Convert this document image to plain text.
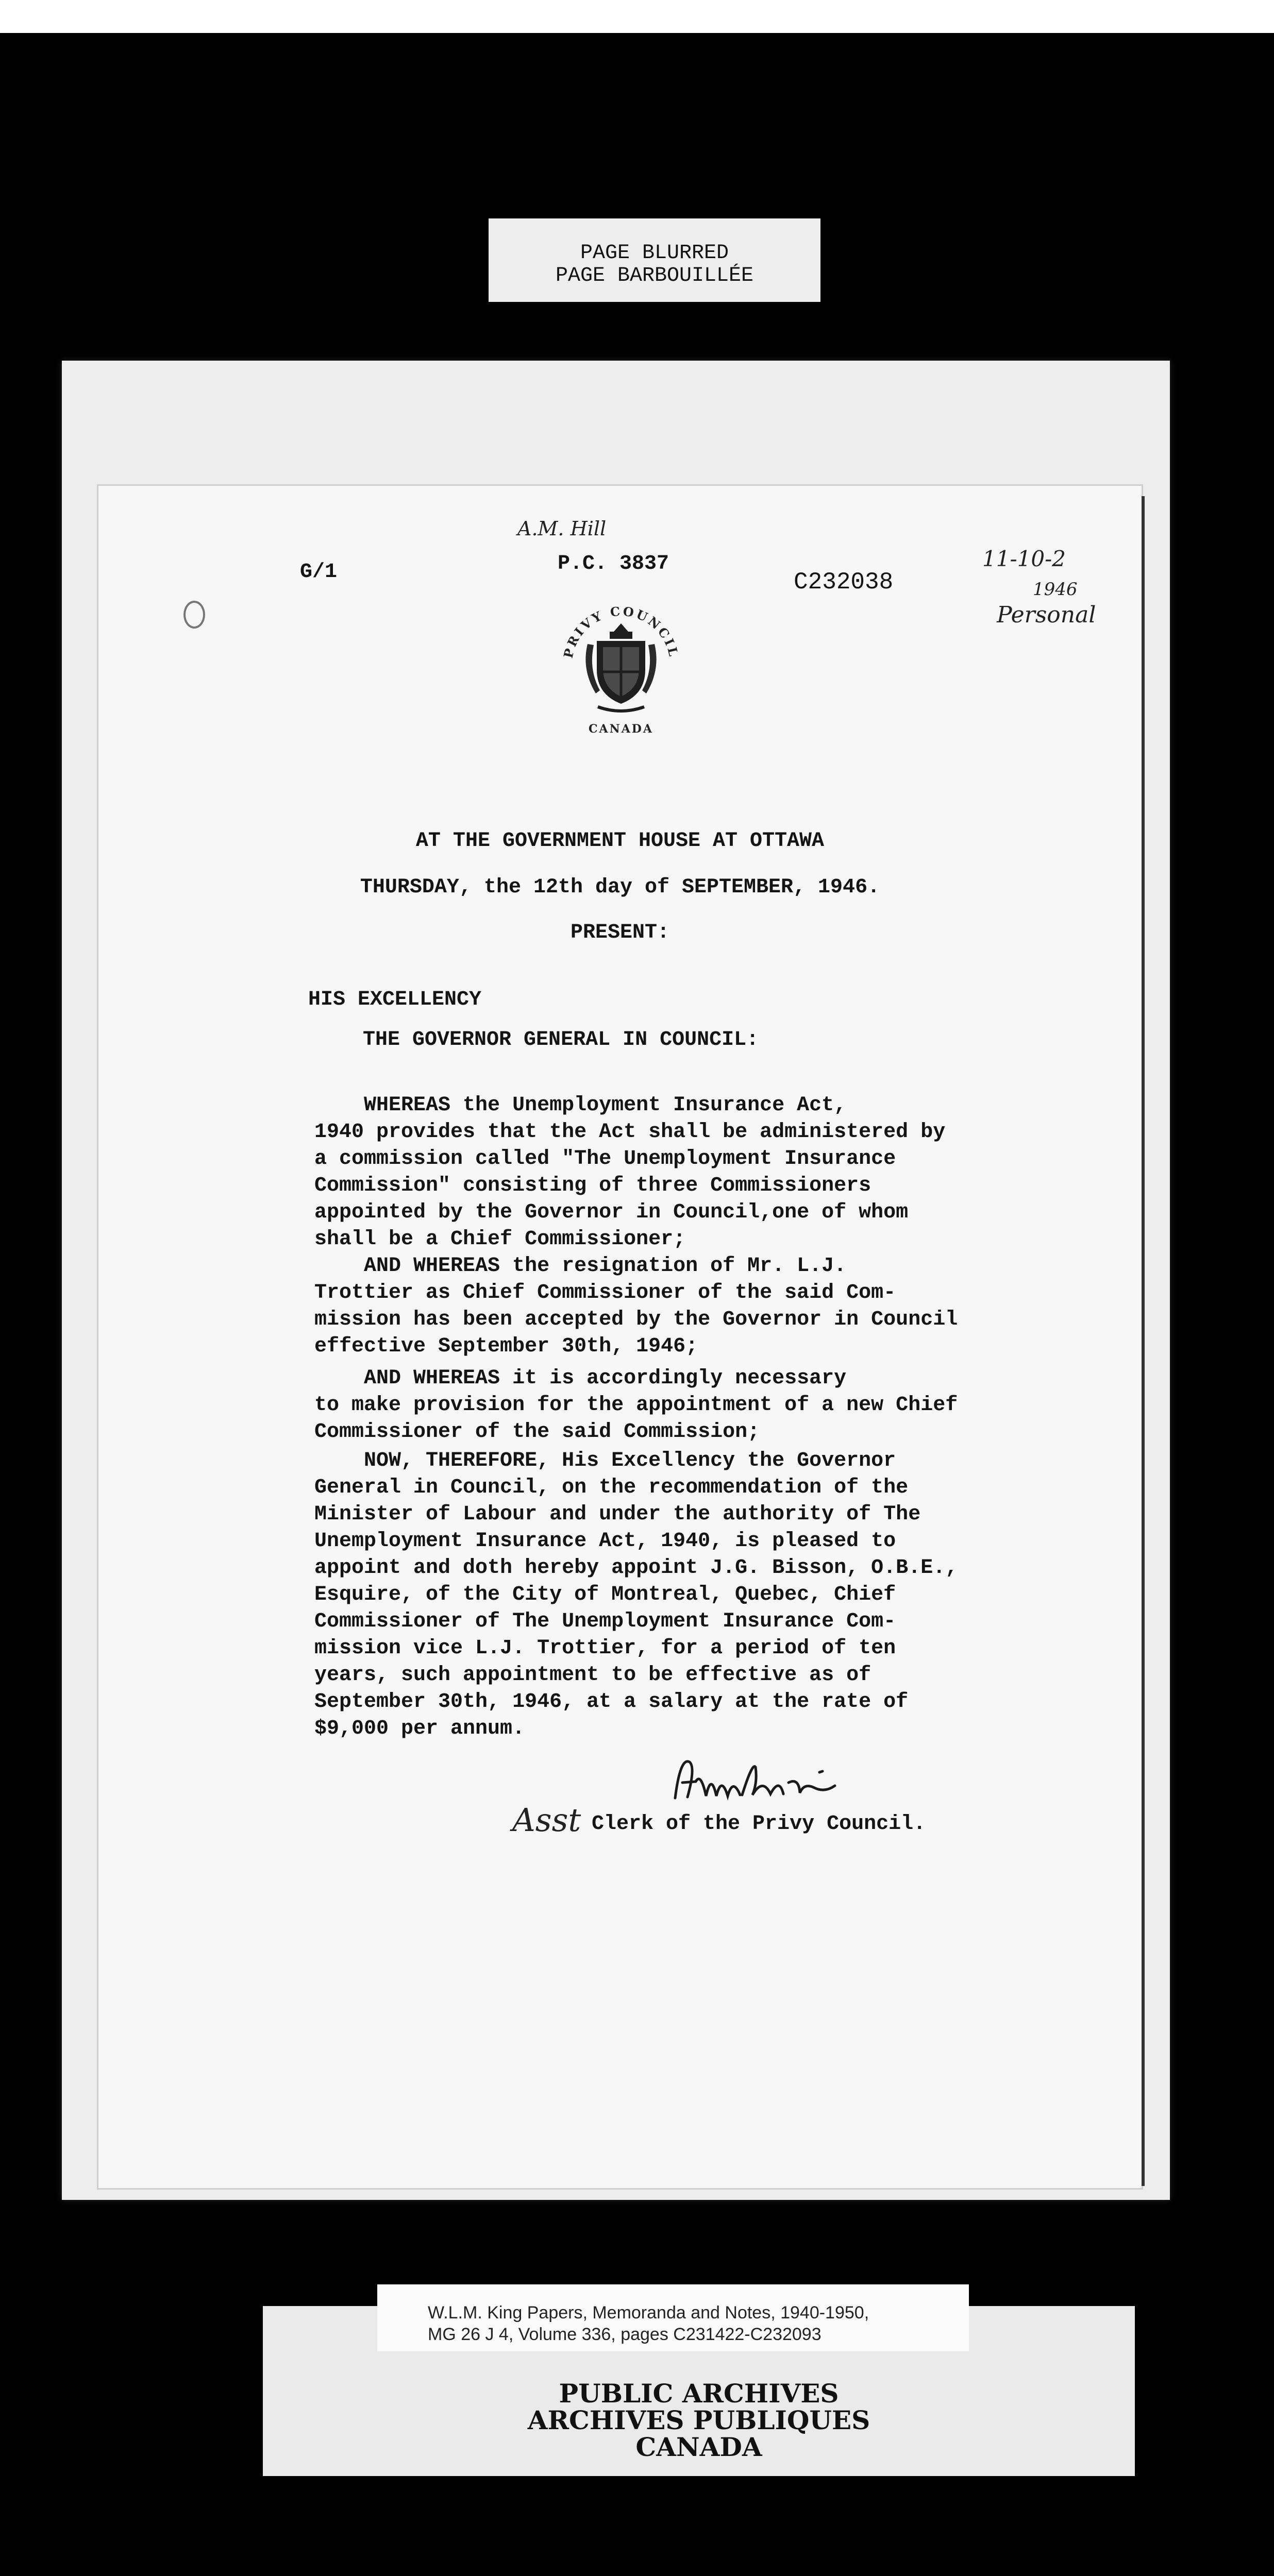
PAGE BLURRED
PAGE BARBOUILLÉE
G/1
A.M. Hill
P.C. 3837
C232038
11-10-2
1946
Personal
PRIVY COUNCIL
CANADA
AT THE GOVERNMENT HOUSE AT OTTAWA
THURSDAY, the 12th day of SEPTEMBER, 1946.
PRESENT:
HIS EXCELLENCY
THE GOVERNOR GENERAL IN COUNCIL:
WHEREAS the Unemployment Insurance Act,
1940 provides that the Act shall be administered by
a commission called "The Unemployment Insurance
Commission" consisting of three Commissioners
appointed by the Governor in Council,one of whom
shall be a Chief Commissioner;
AND WHEREAS the resignation of Mr. L.J.
Trottier as Chief Commissioner of the said Com-
mission has been accepted by the Governor in Council
effective September 30th, 1946;
AND WHEREAS it is accordingly necessary
to make provision for the appointment of a new Chief
Commissioner of the said Commission;
NOW, THEREFORE, His Excellency the Governor
General in Council, on the recommendation of the
Minister of Labour and under the authority of The
Unemployment Insurance Act, 1940, is pleased to
appoint and doth hereby appoint J.G. Bisson, O.B.E.,
Esquire, of the City of Montreal, Quebec, Chief
Commissioner of The Unemployment Insurance Com-
mission vice L.J. Trottier, for a period of ten
years, such appointment to be effective as of
September 30th, 1946, at a salary at the rate of
$9,000 per annum.
Asst Clerk of the Privy Council.
W.L.M. King Papers, Memoranda and Notes, 1940-1950,
MG 26 J 4, Volume 336, pages C231422-C232093
PUBLIC ARCHIVES
ARCHIVES PUBLIQUES
CANADA
